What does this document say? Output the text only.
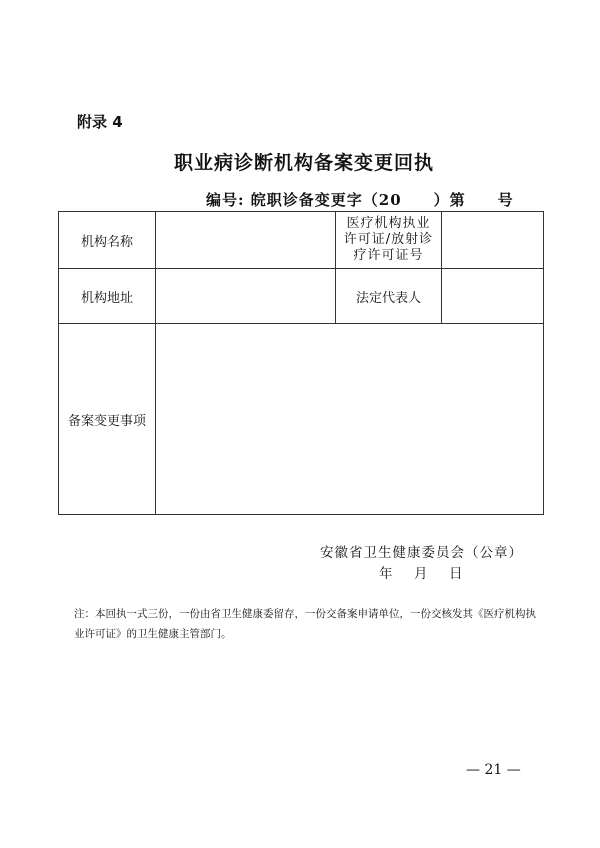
附录 4
职业病诊断机构备案变更回执
编号: 皖职诊备变更字（20　　）第　　号
机构名称		医疗机构执业
许可证/放射诊
疗许可证号	

机构地址		法定代表人	
备案变更事项			
安徽省卫生健康委员会（公章）
年 月 日
注：本回执一式三份，一份由省卫生健康委留存，一份交备案申请单位，一份交核发其《医疗机构执业许可证》的卫生健康主管部门。
— 21 —
